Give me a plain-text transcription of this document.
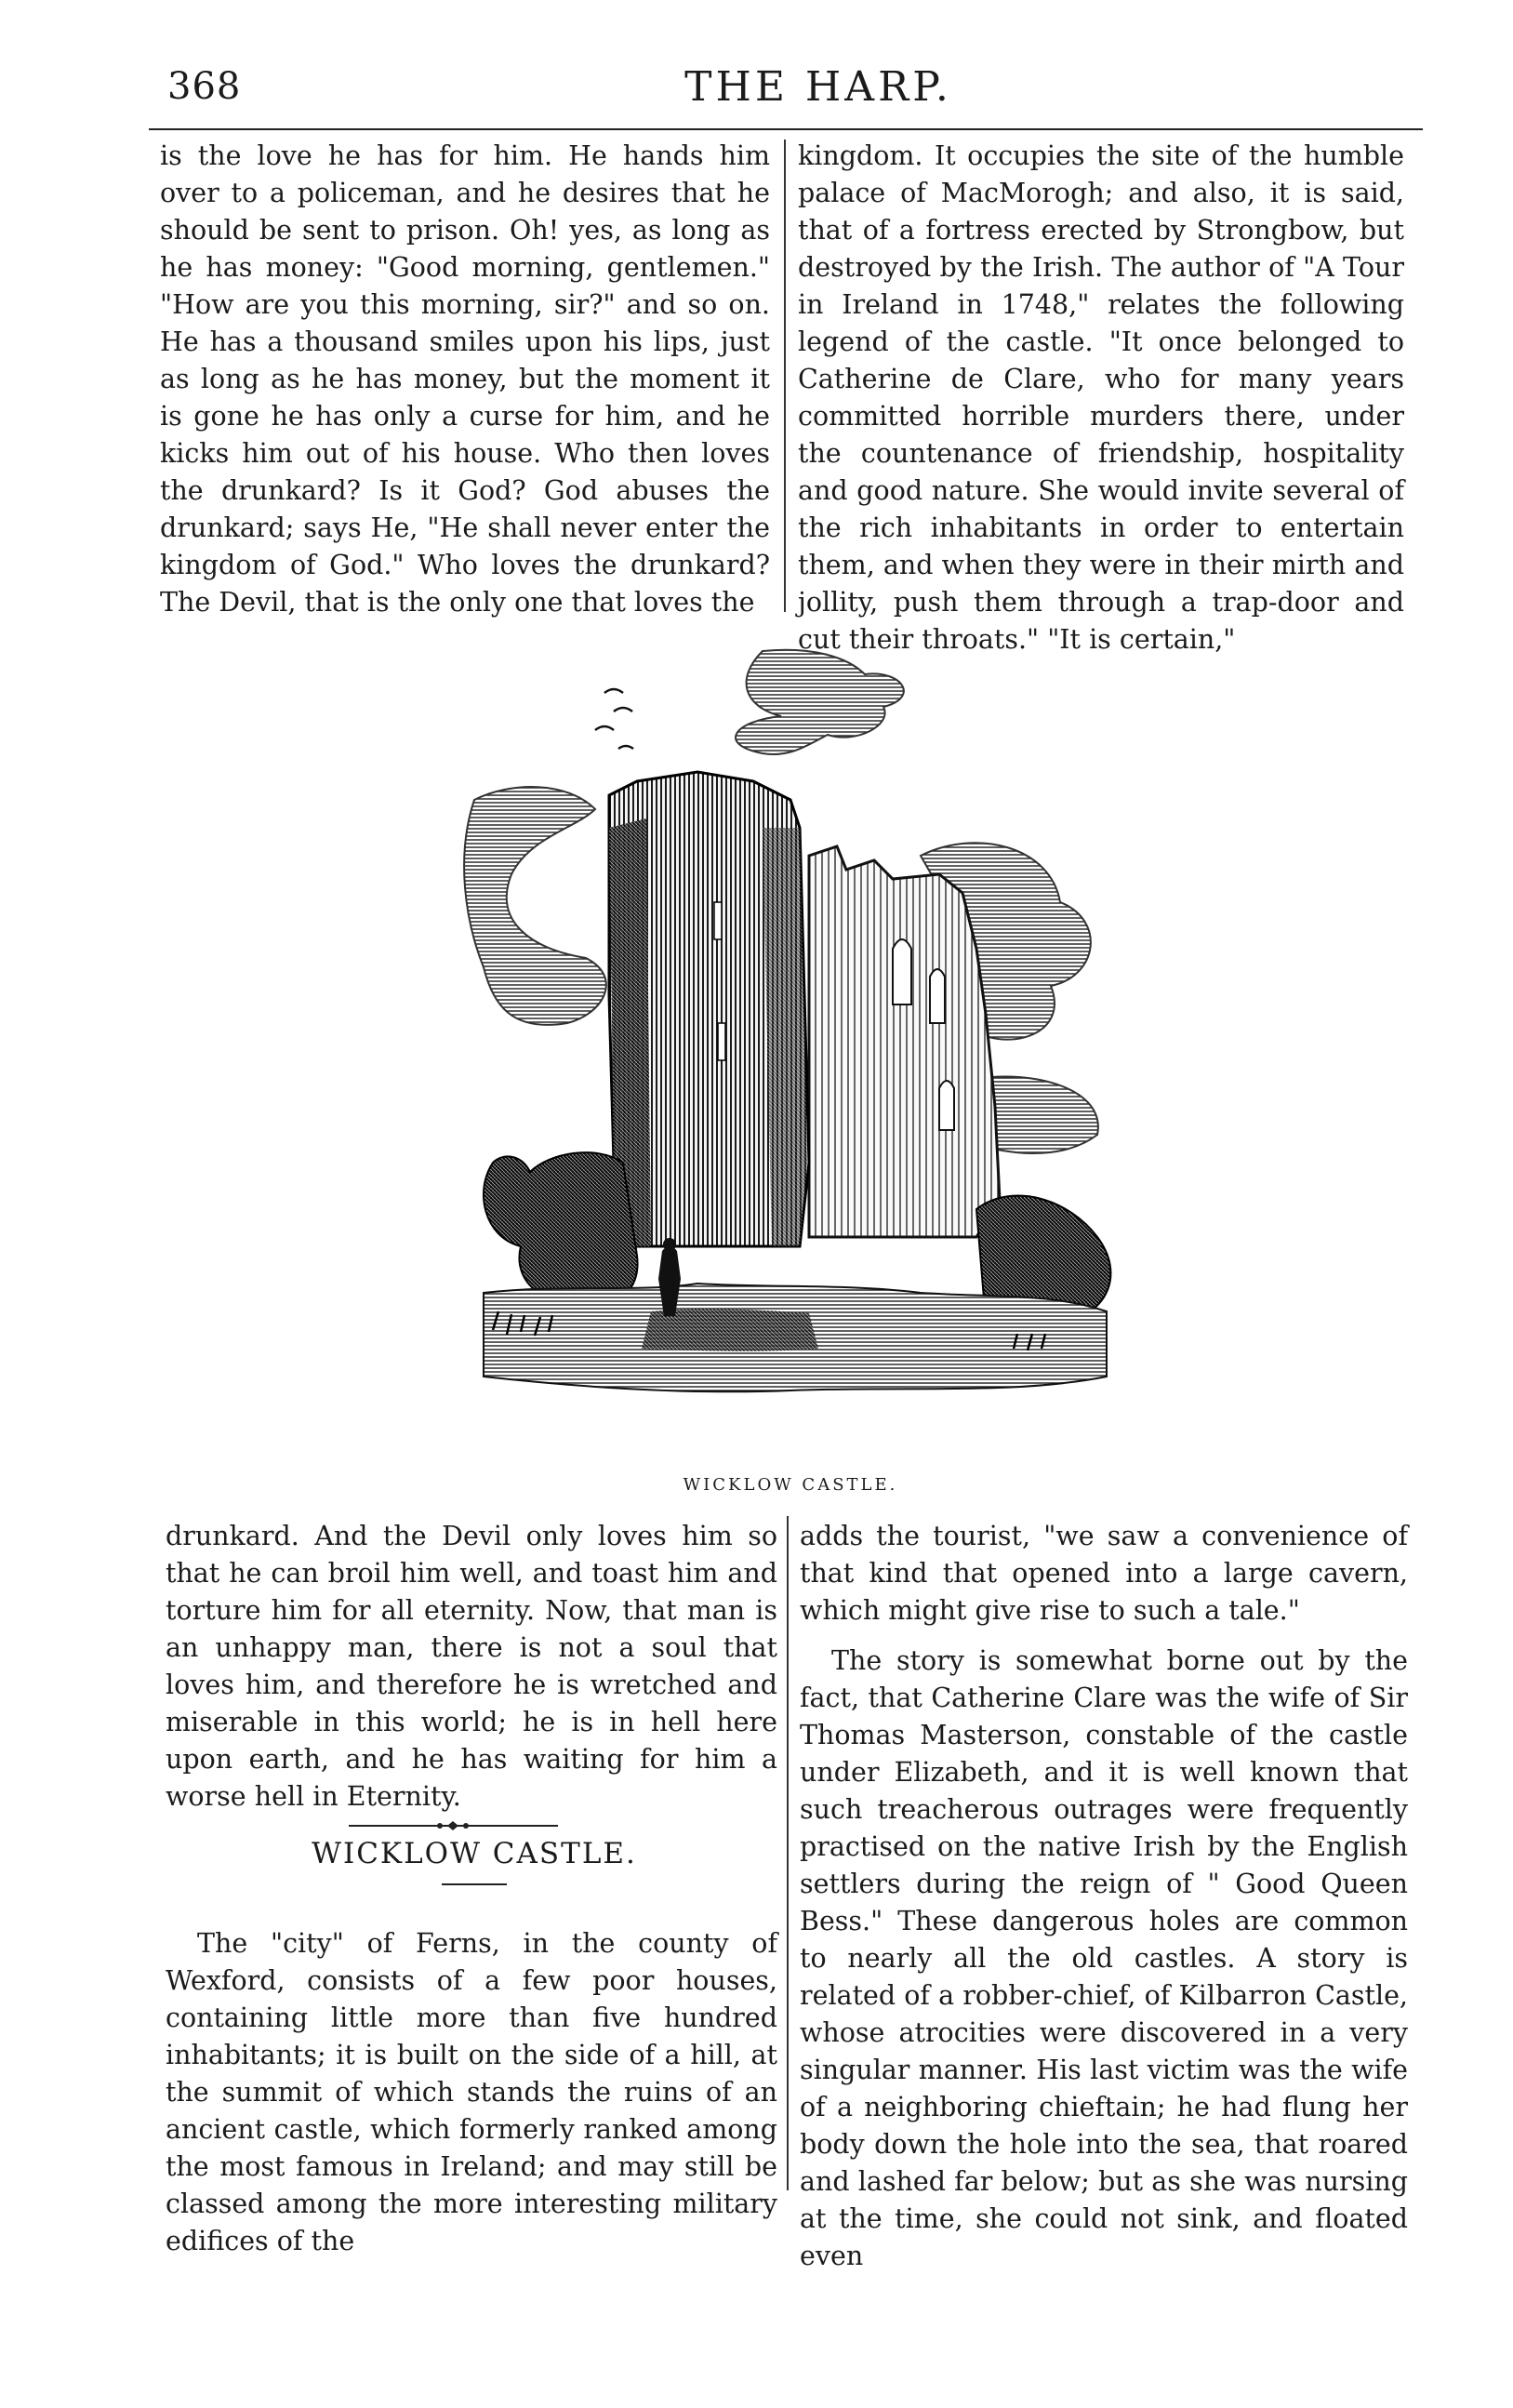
368	THE HARP.

is the love he has for him. He hands him over to a policeman, and he desires that he should be sent to prison. Oh! yes, as long as he has money: "Good morning, gentlemen." "How are you this morning, sir?" and so on. He has a thousand smiles upon his lips, just as long as he has money, but the moment it is gone he has only a curse for him, and he kicks him out of his house. Who then loves the drunkard? Is it God? God abuses the drunkard; says He, "He shall never enter the kingdom of God." Who loves the drunkard? The Devil, that is the only one that loves the

kingdom. It occupies the site of the humble palace of MacMorogh; and also, it is said, that of a fortress erected by Strongbow, but destroyed by the Irish. The author of "A Tour in Ireland in 1748," relates the following legend of the castle. "It once belonged to Catherine de Clare, who for many years committed horrible murders there, under the countenance of friendship, hospitality and good nature. She would invite several of the rich inhabitants in order to entertain them, and when they were in their mirth and jollity, push them through a trap-door and cut their throats." "It is certain,"

WICKLOW CASTLE.

drunkard. And the Devil only loves him so that he can broil him well, and toast him and torture him for all eternity. Now, that man is an unhappy man, there is not a soul that loves him, and therefore he is wretched and miserable in this world; he is in hell here upon earth, and he has waiting for him a worse hell in Eternity.

The "city" of Ferns, in the county of Wexford, consists of a few poor houses, containing little more than five hundred inhabitants; it is built on the side of a hill, at the summit of which stands the ruins of an ancient castle, which formerly ranked among the most famous in Ireland; and may still be classed among the more interesting military edifices of the

WICKLOW CASTLE.

adds the tourist, "we saw a convenience of that kind that opened into a large cavern, which might give rise to such a tale."

The story is somewhat borne out by the fact, that Catherine Clare was the wife of Sir Thomas Masterson, constable of the castle under Elizabeth, and it is well known that such treacherous outrages were frequently practised on the native Irish by the English settlers during the reign of " Good Queen Bess." These dangerous holes are common to nearly all the old castles. A story is related of a robber-chief, of Kilbarron Castle, whose atrocities were discovered in a very singular manner. His last victim was the wife of a neighboring chieftain; he had flung her body down the hole into the sea, that roared and lashed far below; but as she was nursing at the time, she could not sink, and floated even
